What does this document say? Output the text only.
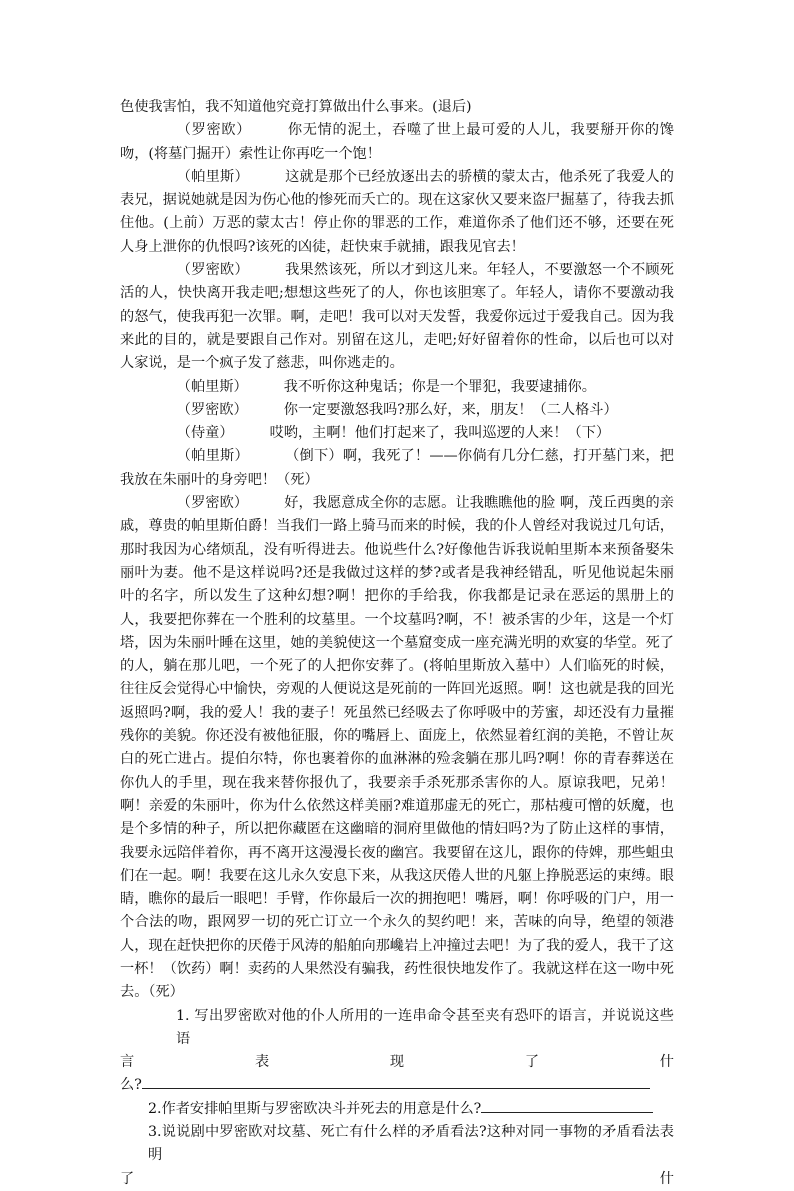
色使我害怕，我不知道他究竟打算做出什么事来。(退后)

（罗密欧）	你无情的泥土，吞噬了世上最可爱的人儿，我要掰开你的馋吻，(将墓门掘开）索性让你再吃一个饱！

（帕里斯）	这就是那个已经放逐出去的骄横的蒙太古，他杀死了我爱人的表兄，据说她就是因为伤心他的惨死而夭亡的。现在这家伙又要来盗尸掘墓了，待我去抓住他。(上前）万恶的蒙太古！停止你的罪恶的工作，难道你杀了他们还不够，还要在死人身上泄你的仇恨吗?该死的凶徒，赶快束手就捕，跟我见官去！

（罗密欧）	我果然该死，所以才到这儿来。年轻人，不要激怒一个不顾死活的人，快快离开我走吧;想想这些死了的人，你也该胆寒了。年轻人，请你不要激动我的怒气，使我再犯一次罪。啊，走吧！我可以对天发誓，我爱你远过于爱我自己。因为我来此的目的，就是要跟自己作对。别留在这儿，走吧;好好留着你的性命，以后也可以对人家说，是一个疯子发了慈悲，叫你逃走的。

（帕里斯）	我不听你这种鬼话；你是一个罪犯，我要逮捕你。

（罗密欧）	你一定要激怒我吗?那么好，来，朋友！（二人格斗）

（侍童）	哎哟，主啊！他们打起来了，我叫巡逻的人来！（下）

（帕里斯）	（倒下）啊，我死了！——你倘有几分仁慈，打开墓门来，把我放在朱丽叶的身旁吧！（死）

（罗密欧）	好，我愿意成全你的志愿。让我瞧瞧他的脸 啊，茂丘西奥的亲戚，尊贵的帕里斯伯爵！当我们一路上骑马而来的时候，我的仆人曾经对我说过几句话，那时我因为心绪烦乱，没有听得进去。他说些什么?好像他告诉我说帕里斯本来预备娶朱丽叶为妻。他不是这样说吗?还是我做过这样的梦?或者是我神经错乱，听见他说起朱丽叶的名字，所以发生了这种幻想?啊！把你的手给我，你我都是记录在恶运的黑册上的人，我要把你葬在一个胜利的坟墓里。一个坟墓吗?啊，不！被杀害的少年，这是一个灯塔，因为朱丽叶睡在这里，她的美貌使这一个墓窟变成一座充满光明的欢宴的华堂。死了的人，躺在那儿吧，一个死了的人把你安葬了。(将帕里斯放入墓中）人们临死的时候，往往反会觉得心中愉快，旁观的人便说这是死前的一阵回光返照。啊！这也就是我的回光返照吗?啊，我的爱人！我的妻子！死虽然已经吸去了你呼吸中的芳蜜，却还没有力量摧残你的美貌。你还没有被他征服，你的嘴唇上、面庞上，依然显着红润的美艳，不曾让灰白的死亡进占。提伯尔特，你也裹着你的血淋淋的殓衾躺在那儿吗?啊！你的青春葬送在你仇人的手里，现在我来替你报仇了，我要亲手杀死那杀害你的人。原谅我吧，兄弟！啊！亲爱的朱丽叶，你为什么依然这样美丽?难道那虚无的死亡，那枯瘦可憎的妖魔，也是个多情的种子，所以把你藏匿在这幽暗的洞府里做他的情妇吗?为了防止这样的事情，我要永远陪伴着你，再不离开这漫漫长夜的幽宫。我要留在这儿，跟你的侍婢，那些蛆虫们在一起。啊！我要在这儿永久安息下来，从我这厌倦人世的凡躯上挣脱恶运的束缚。眼睛，瞧你的最后一眼吧！手臂，作你最后一次的拥抱吧！嘴唇，啊！你呼吸的门户，用一个合法的吻，跟网罗一切的死亡订立一个永久的契约吧！来，苦味的向导，绝望的领港人，现在赶快把你的厌倦于风涛的船舶向那巉岩上冲撞过去吧！为了我的爱人，我干了这一杯！（饮药）啊！卖药的人果然没有骗我，药性很快地发作了。我就这样在这一吻中死去。（死）

1. 写出罗密欧对他的仆人所用的一连串命令甚至夹有恐吓的语言，并说说这些语

言	表	现	了	什

么?

2.作者安排帕里斯与罗密欧决斗并死去的用意是什么?

3.说说剧中罗密欧对坟墓、死亡有什么样的矛盾看法?这种对同一事物的矛盾看法表明

了	什
